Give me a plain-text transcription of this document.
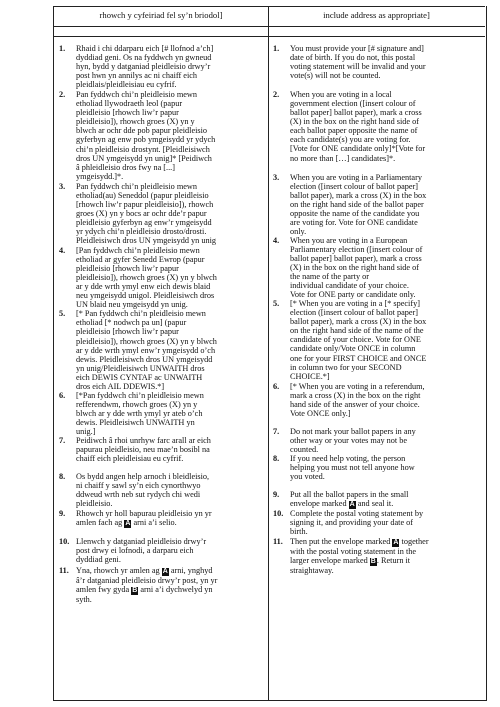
rhowch y cyfeiriad fel sy’n briodol]	include address as appropriate]
1. Rhaid i chi ddarparu eich [# llofnod a’ch]
dyddiad geni. Os na fyddwch yn gwneud
hyn, bydd y datganiad pleidleisio drwy’r
post hwn yn annilys ac ni chaiff eich
pleidlais/pleidleisiau eu cyfrif.
2. Pan fyddwch chi’n pleidleisio mewn
etholiad llywodraeth leol (papur
pleidleisio [rhowch liw’r papur
pleidleisio]), rhowch groes (X) yn y
blwch ar ochr dde pob papur pleidleisio
gyferbyn ag enw pob ymgeisydd yr ydych
chi’n pleidleisio drostynt. [Pleidleisiwch
dros UN ymgeisydd yn unig]* [Peidiwch
â phleidleisio dros fwy na [...]
ymgeisydd.]*.
3. Pan fyddwch chi’n pleidleisio mewn
etholiad(au) Seneddol (papur pleidleisio
[rhowch liw’r papur pleidleisio]), rhowch
groes (X) yn y bocs ar ochr dde’r papur
pleidleisio gyferbyn ag enw’r ymgeisydd
yr ydych chi’n pleidleisio drosto/drosti.
Pleidleisiwch dros UN ymgeisydd yn unig
4. [Pan fyddwch chi’n pleidleisio mewn
etholiad ar gyfer Senedd Ewrop (papur
pleidleisio [rhowch liw’r papur
pleidleisio]), rhowch groes (X) yn y blwch
ar y dde wrth ymyl enw eich dewis blaid
neu ymgeisydd unigol. Pleidleisiwch dros
UN blaid neu ymgeisydd yn unig.
5. [* Pan fyddwch chi’n pleidleisio mewn
etholiad [* nodwch pa un] (papur
pleidleisio [rhowch liw’r papur
pleidleisio]), rhowch groes (X) yn y blwch
ar y dde wrth ymyl enw’r ymgeisydd o’ch
dewis. Pleidleisiwch dros UN ymgeisydd
yn unig/Pleidleisiwch UNWAITH dros
eich DEWIS CYNTAF ac UNWAITH
dros eich AIL DDEWIS.*]
6. [*Pan fyddwch chi’n pleidleisio mewn
refferendwm, rhowch groes (X) yn y
blwch ar y dde wrth ymyl yr ateb o’ch
dewis. Pleidleisiwch UNWAITH yn
unig.]
7. Peidiwch â rhoi unrhyw farc arall ar eich
papurau pleidleisio, neu mae’n bosibl na
chaiff eich pleidleisiau eu cyfrif.
8. Os bydd angen help arnoch i bleidleisio,
ni chaiff y sawl sy’n eich cynorthwyo
ddweud wrth neb sut rydych chi wedi
pleidleisio.
9. Rhowch yr holl bapurau pleidleisio yn yr
amlen fach ag A arni a’i selio.
10. Llenwch y datganiad pleidleisio drwy’r
post drwy ei lofnodi, a darparu eich
dyddiad geni.
11. Yna, rhowch yr amlen ag A arni, ynghyd
â’r datganiad pleidleisio drwy’r post, yn yr
amlen fwy gyda B arni a’i dychwelyd yn
syth.
1. You must provide your [# signature and]
date of birth. If you do not, this postal
voting statement will be invalid and your
vote(s) will not be counted.
2. When you are voting in a local
government election ([insert colour of
ballot paper] ballot paper), mark a cross
(X) in the box on the right hand side of
each ballot paper opposite the name of
each candidate(s) you are voting for.
[Vote for ONE candidate only]*[Vote for
no more than […] candidates]*.
3. When you are voting in a Parliamentary
election ([insert colour of ballot paper]
ballot paper), mark a cross (X) in the box
on the right hand side of the ballot paper
opposite the name of the candidate you
are voting for. Vote for ONE candidate
only.
4. When you are voting in a European
Parliamentary election ([insert colour of
ballot paper] ballot paper), mark a cross
(X) in the box on the right hand side of
the name of the party or
individual candidate of your choice.
Vote for ONE party or candidate only.
5. [* When you are voting in a [* specify]
election ([insert colour of ballot paper]
ballot paper), mark a cross (X) in the box
on the right hand side of the name of the
candidate of your choice. Vote for ONE
candidate only/Vote ONCE in column
one for your FIRST CHOICE and ONCE
in column two for your SECOND
CHOICE.*]
6. [* When you are voting in a referendum,
mark a cross (X) in the box on the right
hand side of the answer of your choice.
Vote ONCE only.]
7. Do not mark your ballot papers in any
other way or your votes may not be
counted.
8. If you need help voting, the person
helping you must not tell anyone how
you voted.
9. Put all the ballot papers in the small
envelope marked A and seal it.
10. Complete the postal voting statement by
signing it, and providing your date of
birth.
11. Then put the envelope marked A together
with the postal voting statement in the
larger envelope marked B. Return it
straightaway.
